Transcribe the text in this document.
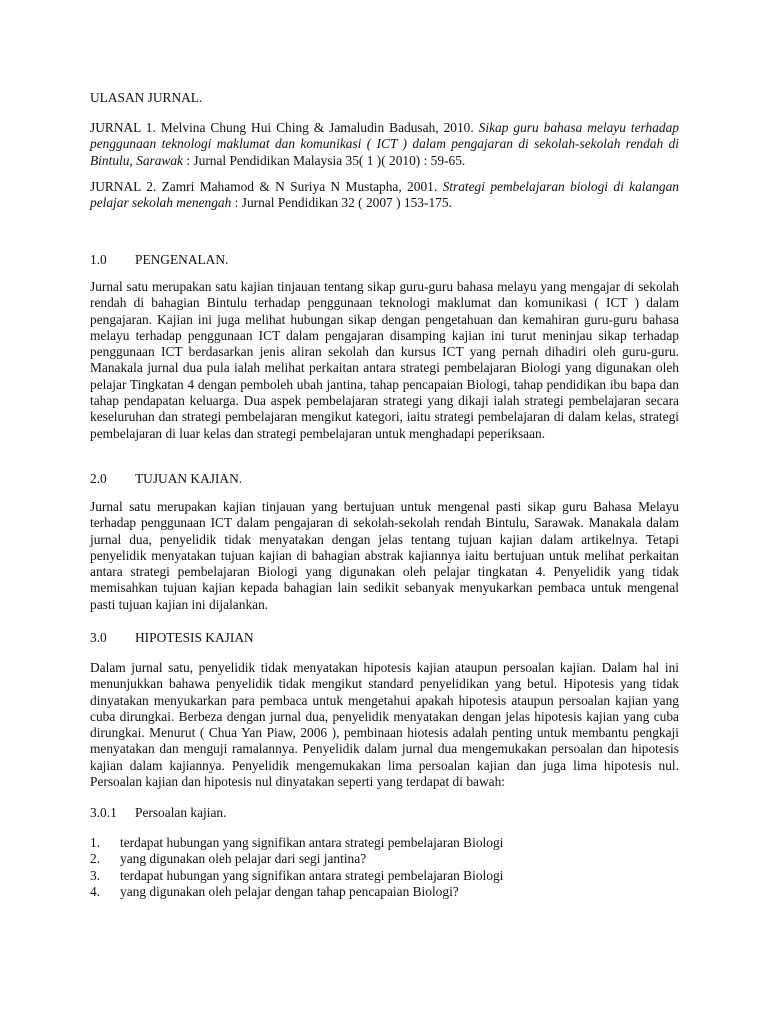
ULASAN JURNAL.

JURNAL 1. Melvina Chung Hui Ching & Jamaludin Badusah, 2010. Sikap guru bahasa melayu terhadap penggunaan teknologi maklumat dan komunikasi ( ICT ) dalam pengajaran di sekolah-sekolah rendah di Bintulu, Sarawak : Jurnal Pendidikan Malaysia 35( 1 )( 2010) : 59-65.

JURNAL 2. Zamri Mahamod & N Suriya N Mustapha, 2001. Strategi pembelajaran biologi di kalangan pelajar sekolah menengah : Jurnal Pendidikan 32 ( 2007 ) 153-175.

1.0 PENGENALAN.

Jurnal satu merupakan satu kajian tinjauan tentang sikap guru-guru bahasa melayu yang mengajar di sekolah rendah di bahagian Bintulu terhadap penggunaan teknologi maklumat dan komunikasi ( ICT ) dalam pengajaran. Kajian ini juga melihat hubungan sikap dengan pengetahuan dan kemahiran guru-guru bahasa melayu terhadap penggunaan ICT dalam pengajaran disamping kajian ini turut meninjau sikap terhadap penggunaan ICT berdasarkan jenis aliran sekolah dan kursus ICT yang pernah dihadiri oleh guru-guru. Manakala jurnal dua pula ialah melihat perkaitan antara strategi pembelajaran Biologi yang digunakan oleh pelajar Tingkatan 4 dengan pemboleh ubah jantina, tahap pencapaian Biologi, tahap pendidikan ibu bapa dan tahap pendapatan keluarga. Dua aspek pembelajaran strategi yang dikaji ialah strategi pembelajaran secara keseluruhan dan strategi pembelajaran mengikut kategori, iaitu strategi pembelajaran di dalam kelas, strategi pembelajaran di luar kelas dan strategi pembelajaran untuk menghadapi peperiksaan.

2.0 TUJUAN KAJIAN.

Jurnal satu merupakan kajian tinjauan yang bertujuan untuk mengenal pasti sikap guru Bahasa Melayu terhadap penggunaan ICT dalam pengajaran di sekolah-sekolah rendah Bintulu, Sarawak. Manakala dalam jurnal dua, penyelidik tidak menyatakan dengan jelas tentang tujuan kajian dalam artikelnya. Tetapi penyelidik menyatakan tujuan kajian di bahagian abstrak kajiannya iaitu bertujuan untuk melihat perkaitan antara strategi pembelajaran Biologi yang digunakan oleh pelajar tingkatan 4. Penyelidik yang tidak memisahkan tujuan kajian kepada bahagian lain sedikit sebanyak menyukarkan pembaca untuk mengenal pasti tujuan kajian ini dijalankan.

3.0 HIPOTESIS KAJIAN

Dalam jurnal satu, penyelidik tidak menyatakan hipotesis kajian ataupun persoalan kajian. Dalam hal ini menunjukkan bahawa penyelidik tidak mengikut standard penyelidikan yang betul. Hipotesis yang tidak dinyatakan menyukarkan para pembaca untuk mengetahui apakah hipotesis ataupun persoalan kajian yang cuba dirungkai. Berbeza dengan jurnal dua, penyelidik menyatakan dengan jelas hipotesis kajian yang cuba dirungkai. Menurut ( Chua Yan Piaw, 2006 ), pembinaan hiotesis adalah penting untuk membantu pengkaji menyatakan dan menguji ramalannya. Penyelidik dalam jurnal dua mengemukakan persoalan dan hipotesis kajian dalam kajiannya. Penyelidik mengemukakan lima persoalan kajian dan juga lima hipotesis nul. Persoalan kajian dan hipotesis nul dinyatakan seperti yang terdapat di bawah:

3.0.1 Persoalan kajian.

1.	terdapat hubungan yang signifikan antara strategi pembelajaran Biologi
2.	yang digunakan oleh pelajar dari segi jantina?
3.	terdapat hubungan yang signifikan antara strategi pembelajaran Biologi
4.	yang digunakan oleh pelajar dengan tahap pencapaian Biologi?
